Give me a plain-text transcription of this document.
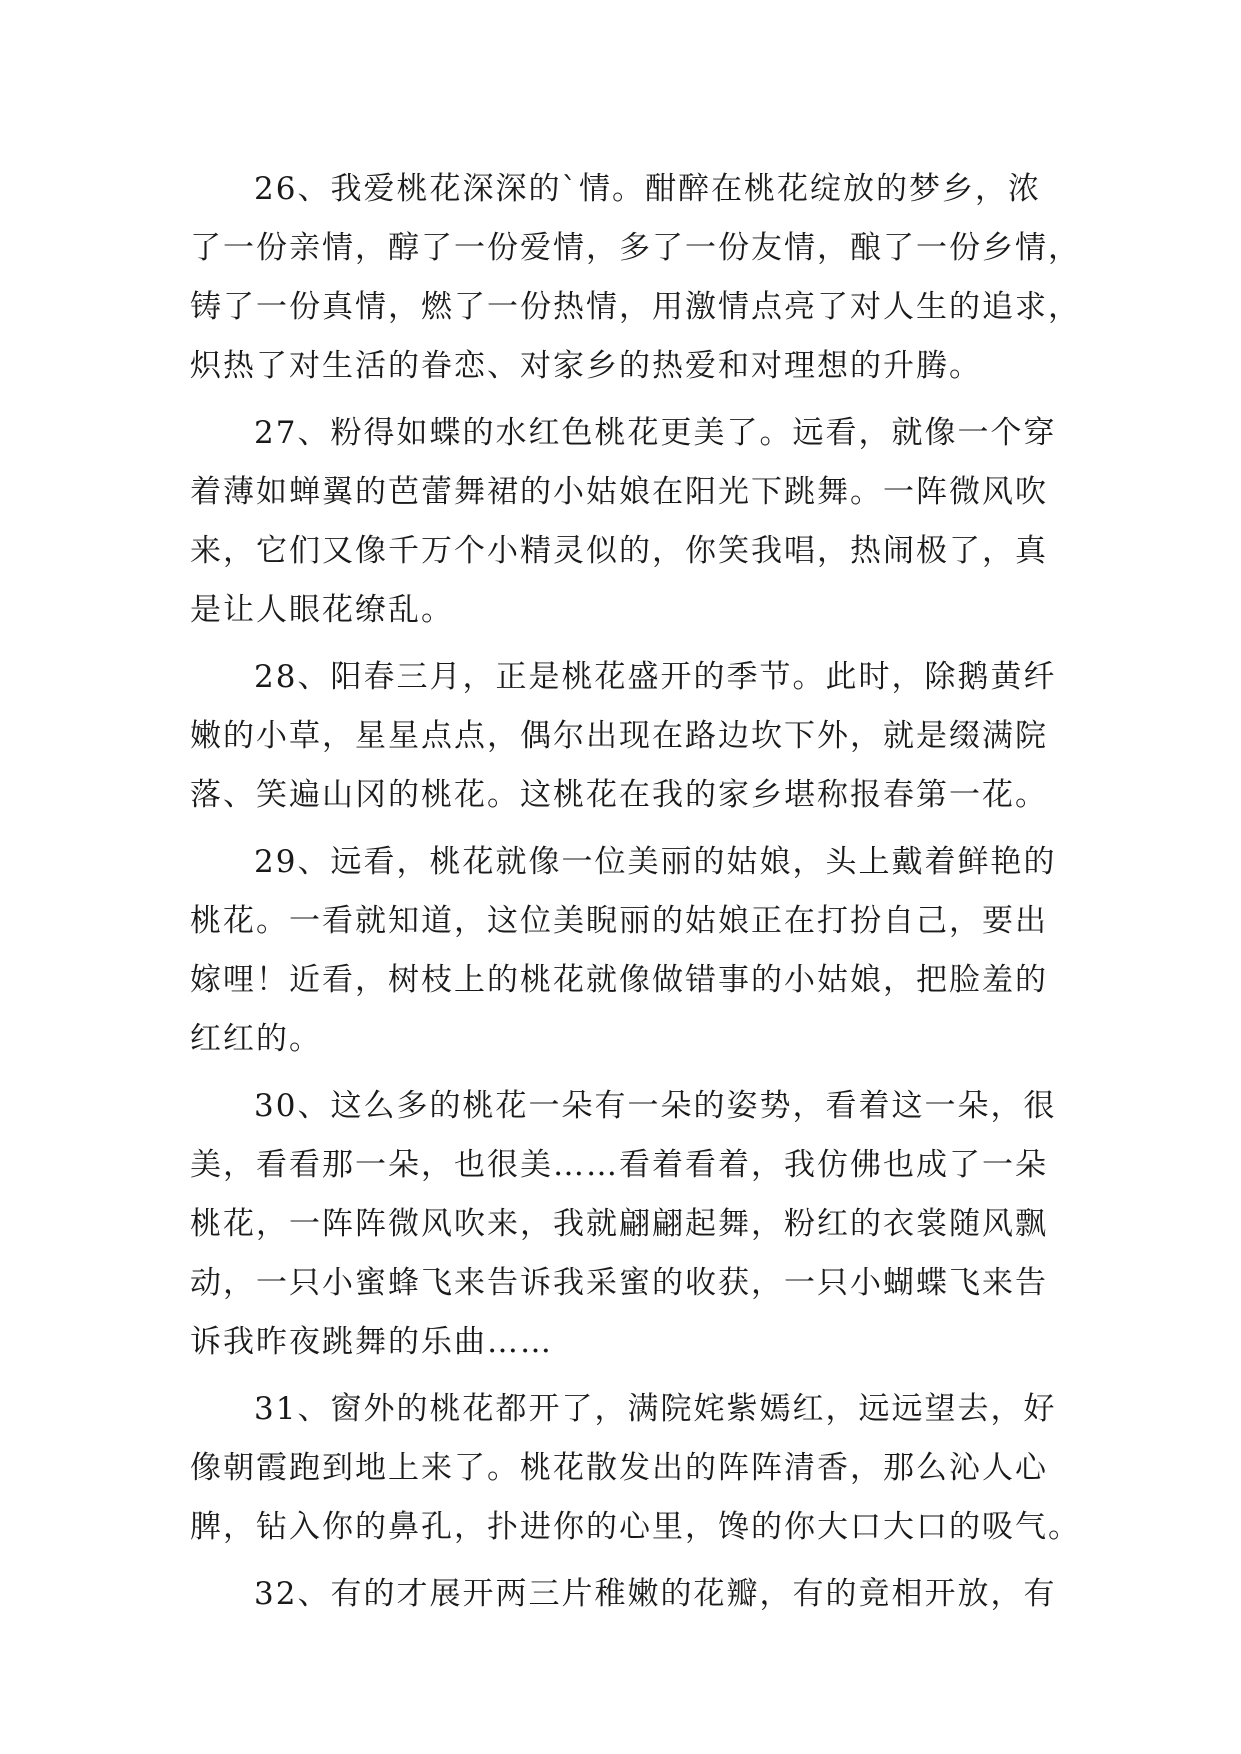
26、我爱桃花深深的`情。酣醉在桃花绽放的梦乡，浓
了一份亲情，醇了一份爱情，多了一份友情，酿了一份乡情，
铸了一份真情，燃了一份热情，用激情点亮了对人生的追求，
炽热了对生活的眷恋、对家乡的热爱和对理想的升腾。

27、粉得如蝶的水红色桃花更美了。远看，就像一个穿
着薄如蝉翼的芭蕾舞裙的小姑娘在阳光下跳舞。一阵微风吹
来，它们又像千万个小精灵似的，你笑我唱，热闹极了，真
是让人眼花缭乱。

28、阳春三月，正是桃花盛开的季节。此时，除鹅黄纤
嫩的小草，星星点点，偶尔出现在路边坎下外，就是缀满院
落、笑遍山冈的桃花。这桃花在我的家乡堪称报春第一花。

29、远看，桃花就像一位美丽的姑娘，头上戴着鲜艳的
桃花。一看就知道，这位美睨丽的姑娘正在打扮自己，要出
嫁哩！近看，树枝上的桃花就像做错事的小姑娘，把脸羞的
红红的。

30、这么多的桃花一朵有一朵的姿势，看着这一朵，很
美，看看那一朵，也很美……看着看着，我仿佛也成了一朵
桃花，一阵阵微风吹来，我就翩翩起舞，粉红的衣裳随风飘
动，一只小蜜蜂飞来告诉我采蜜的收获，一只小蝴蝶飞来告
诉我昨夜跳舞的乐曲……

31、窗外的桃花都开了，满院姹紫嫣红，远远望去，好
像朝霞跑到地上来了。桃花散发出的阵阵清香，那么沁人心
脾，钻入你的鼻孔，扑进你的心里，馋的你大口大口的吸气。

32、有的才展开两三片稚嫩的花瓣，有的竟相开放，有
